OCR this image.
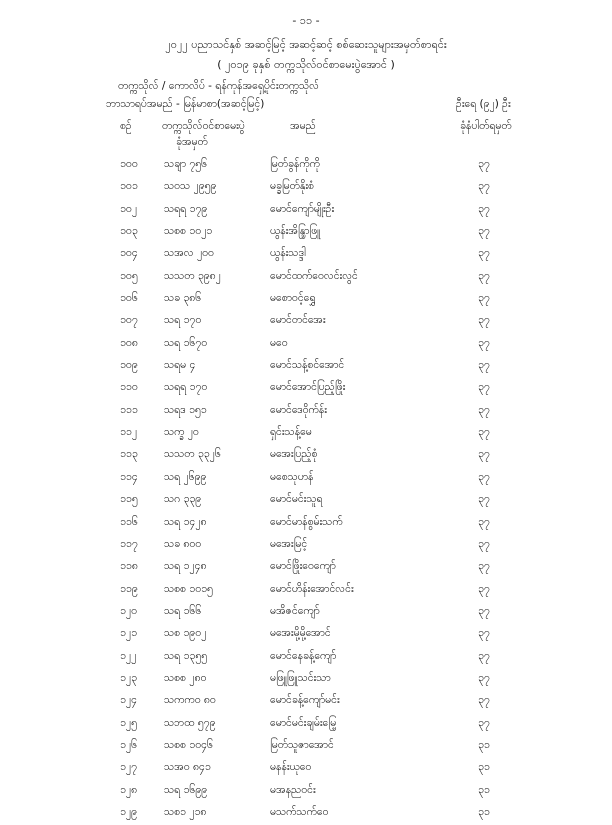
- ၁၁ -
၂၀၂၂ ပညာသင်နှစ် အဆင့်မြင့် အဆင့်ဆင့် စစ်ဆေးသူများအမှတ်စာရင်း
( ၂၀၁၉ ခုနှစ် တက္ကသိုလ်ဝင်စာမေးပွဲအောင် )
တက္ကသိုလ် / ကောလိပ် - ရန်ကုန်အရှေ့ပိုင်းတက္ကသိုလ်
ဘာသာရပ်အမည် - မြန်မာစာ(အဆင့်မြင့်)	ဦးရေ (၉၂) ဦး
စဉ်	တက္ကသိုလ်ဝင်စာမေးပွဲ
ခုံအမှတ်
အမည်	ခုံနံပါတ်ရမှတ်
၁၀၀	သချာ ၇၅၆	မြတ်ခွန်ကိုကို	၃၇
၁၀၁	သဝသ ၂၉၅၉	မခ္ခမြတ်နိုးစံ	၃၇
၁၀၂	သရရ ၁၇၉	မောင်ကျော်မျိုးဦး	၃၇
၁၀၃	သစစ ၁၀၂၁	ယွန်းအိန္ဒြာဖြူ	၃၇
၁၀၄	သအလ ၂၀၀	ယွန်းသဒ္ဒါ	၃၇
၁၀၅	သသတ ၃၉၈၂	မောင်ထက်ဝေလင်းလွင်	၃၇
၁၀၆	သခ ၃၈၆	မစောဝင့်ရွှေ	၃၇
၁၀၇	သရ ၁၇၀	မောင်တင်အေး	၃၇
၁၀၈ သရ ၁၆၇၀	မဝေ	၃၇
၁၀၉	သရမ ၄	မောင်သန့်စင်အောင်	၃၇
၁၁၀	သရရ ၁၇၀	မောင်အောင်ပြည့်ဖြိုး	၃၇
၁၁၁	သရဒ ၁၅၁	မောင်ဒေဝိုက်န်း	၃၇
၁၁၂	သက္ခ ၂၀	ရှင်းသန့်မေ	၃၇
၁၁၃	သသတ ၃၃၂၆	မအေးပြည့်စုံ	၃၇
၁၁၄	သရ ၂၆၉၉	မစေသုဟန်	၃၇
၁၁၅	သဂ ၃၃၉	မောင်မင်းသူရ	၃၇
၁၁၆	သရ ၁၄၂၈	မောင်မာန်စွမ်းသက်	၃၇
၁၁၇	သခ ၈၀၀	မအေးမြင့်	၃၇
၁၁၈ သရ ၁၂၄၈	မောင်ဖြိုးဝေကျော်	၃၇
၁၁၉	သစစ ၁၀၁၅	မောင်ဟိန်းအောင်လင်း	၃၇
၁၂၀	သရ ၁၆၆	မအိဇင်ကျော်	၃၇
၁၂၁	သစ ၁၉၀၂	မအေးမို့မို့အောင်	၃၇
၁၂၂	သရ ၁၃၅၅	မောင်နေခန့်ကျော်	၃၇
၁၂၃	သစစ ၂၈၀	မဖြူဖြူသင်းသာ	၃၇
၁၂၄	သကကဝ ၈၀	မောင်ခန့်ကျော်မင်း	၃၇
၁၂၅	သဘထ ၅၇၉	မောင်မင်းချမ်းမြေ့	၃၇
၁၂၆	သစစ ၁၀၄၆	မြတ်သူဇာအောင်	၃၁
၁၂၇	သအဝ ၈၄၁	မနန်းယုဝေ	၃၁
၁၂၈	သရ ၁၆၉၉	မအနညဝင်း	၃၁
၁၂၉	သစ၁ ၂၁၈	မသက်သက်ဝေ	၃၁
